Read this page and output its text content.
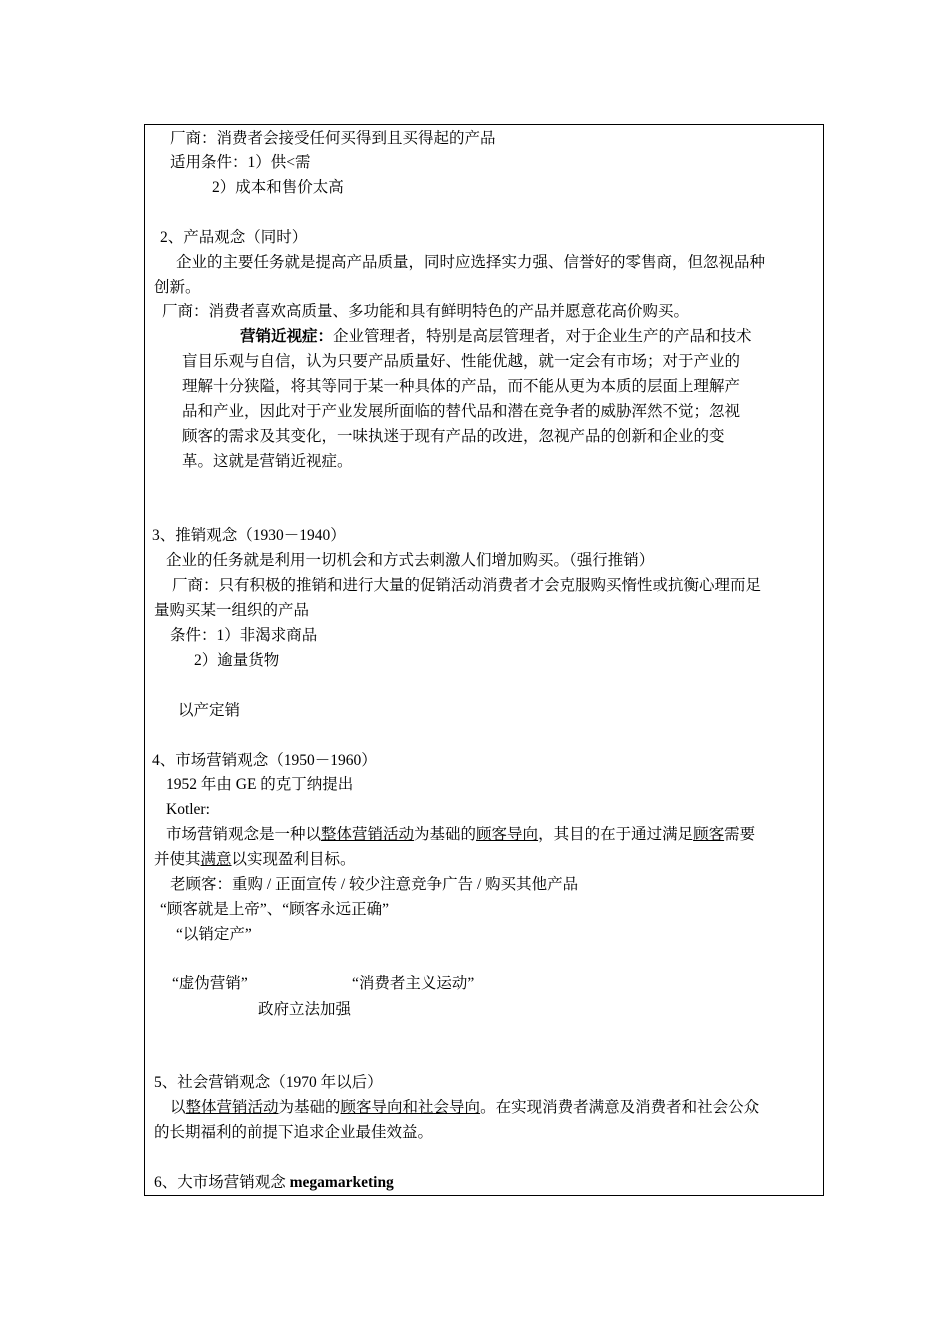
厂商：消费者会接受任何买得到且买得起的产品
适用条件：1）供<需
2）成本和售价太高
2、产品观念（同时）
企业的主要任务就是提高产品质量，同时应选择实力强、信誉好的零售商，但忽视品种
创新。
厂商：消费者喜欢高质量、多功能和具有鲜明特色的产品并愿意花高价购买。
营销近视症：企业管理者，特别是高层管理者，对于企业生产的产品和技术
盲目乐观与自信，认为只要产品质量好、性能优越，就一定会有市场；对于产业的
理解十分狭隘，将其等同于某一种具体的产品，而不能从更为本质的层面上理解产
品和产业，因此对于产业发展所面临的替代品和潜在竞争者的威胁浑然不觉；忽视
顾客的需求及其变化，一味执迷于现有产品的改进，忽视产品的创新和企业的变
革。这就是营销近视症。
3、推销观念（1930－1940）
企业的任务就是利用一切机会和方式去刺激人们增加购买。（强行推销）
厂商：只有积极的推销和进行大量的促销活动消费者才会克服购买惰性或抗衡心理而足
量购买某一组织的产品
条件：1）非渴求商品
2）逾量货物
以产定销
4、市场营销观念（1950－1960）
1952 年由 GE 的克丁纳提出
Kotler:
市场营销观念是一种以整体营销活动为基础的顾客导向，其目的在于通过满足顾客需要
并使其满意以实现盈利目标。
老顾客：重购 / 正面宣传 / 较少注意竞争广告 / 购买其他产品
“顾客就是上帝”、“顾客永远正确”
“以销定产”
“虚伪营销”	“消费者主义运动”
政府立法加强
5、社会营销观念（1970 年以后）
以整体营销活动为基础的顾客导向和社会导向。在实现消费者满意及消费者和社会公众
的长期福利的前提下追求企业最佳效益。
6、大市场营销观念 megamarketing
